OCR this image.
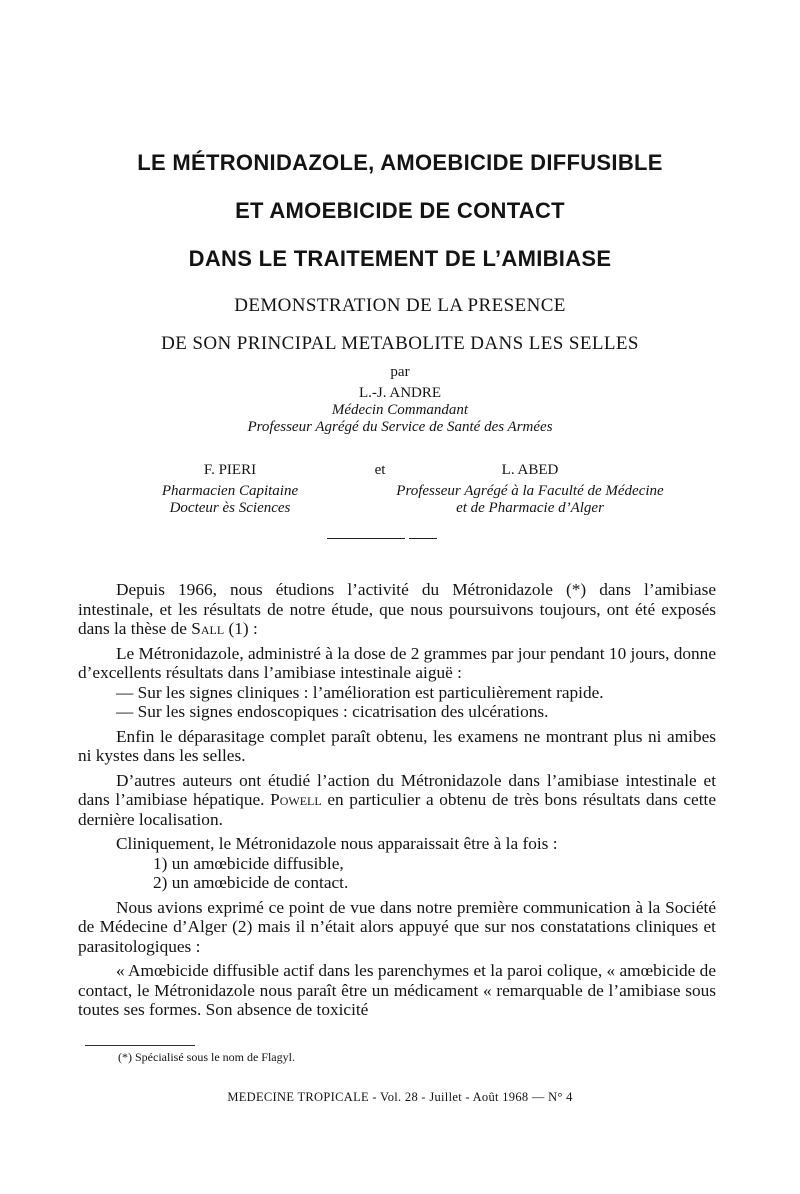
LE MÉTRONIDAZOLE, AMOEBICIDE DIFFUSIBLE
ET AMOEBICIDE DE CONTACT
DANS LE TRAITEMENT DE L’AMIBIASE
DEMONSTRATION DE LA PRESENCE
DE SON PRINCIPAL METABOLITE DANS LES SELLES
par
L.-J. ANDRE
Médecin Commandant
Professeur Agrégé du Service de Santé des Armées
F. PIERI
Pharmacien Capitaine
Docteur ès Sciences
et	L. ABED
Professeur Agrégé à la Faculté de Médecine
et de Pharmacie d’Alger

Depuis 1966, nous étudions l’activité du Métronidazole (*) dans l’amibiase intestinale, et les résultats de notre étude, que nous poursuivons toujours, ont été exposés dans la thèse de Sall (1) :

Le Métronidazole, administré à la dose de 2 grammes par jour pendant 10 jours, donne d’excellents résultats dans l’amibiase intestinale aiguë :

— Sur les signes cliniques : l’amélioration est particulièrement rapide.

— Sur les signes endoscopiques : cicatrisation des ulcérations.

Enfin le déparasitage complet paraît obtenu, les examens ne montrant plus ni amibes ni kystes dans les selles.

D’autres auteurs ont étudié l’action du Métronidazole dans l’amibiase intestinale et dans l’amibiase hépatique. Powell en particulier a obtenu de très bons résultats dans cette dernière localisation.

Cliniquement, le Métronidazole nous apparaissait être à la fois :

1) un amœbicide diffusible,

2) un amœbicide de contact.

Nous avions exprimé ce point de vue dans notre première communication à la Société de Médecine d’Alger (2) mais il n’était alors appuyé que sur nos constatations cliniques et parasitologiques :

« Amœbicide diffusible actif dans les parenchymes et la paroi colique, « amœbicide de contact, le Métronidazole nous paraît être un médicament « remarquable de l’amibiase sous toutes ses formes. Son absence de toxicité

(*) Spécialisé sous le nom de Flagyl.
MEDECINE TROPICALE - Vol. 28 - Juillet - Août 1968 — N° 4
